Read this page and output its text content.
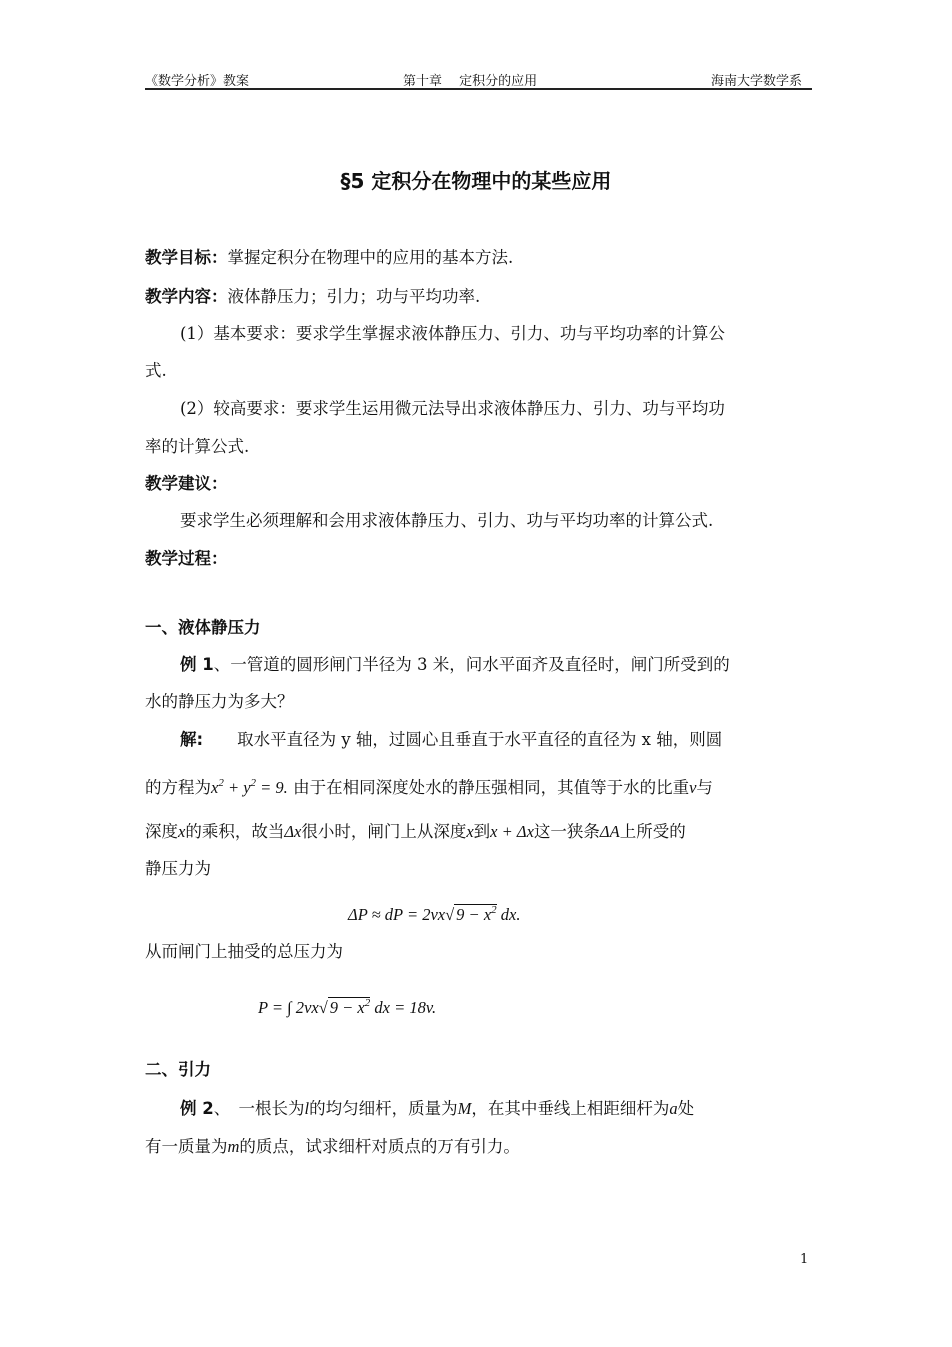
《数学分析》教案	第十章　 定积分的应用	海南大学数学系
§5 定积分在物理中的某些应用
教学目标：掌握定积分在物理中的应用的基本方法.
教学内容：液体静压力；引力；功与平均功率.
(1）基本要求：要求学生掌握求液体静压力、引力、功与平均功率的计算公
式.
(2）较高要求：要求学生运用微元法导出求液体静压力、引力、功与平均功
率的计算公式.
教学建议：
要求学生必须理解和会用求液体静压力、引力、功与平均功率的计算公式.
教学过程：
一、液体静压力
例 1、一管道的圆形闸门半径为 3 米，问水平面齐及直径时，闸门所受到的
水的静压力为多大？
解: 取水平直径为 y 轴，过圆心且垂直于水平直径的直径为 x 轴，则圆
的方程为$x^2 + y^2 = 9$. 由于在相同深度处水的静压强相同，其值等于水的比重v与
深度x的乘积，故当Δx很小时，闸门上从深度x到x + Δx这一狭条ΔA上所受的
静压力为
ΔP ≈ dP = 2vx√ $9 - x^2$ dx.
从而闸门上抽受的总压力为
P = ∫ 2vx√ $9 - x^2$ dx = 18v.
二、引力
例 2、　一根长为l的均匀细杆，质量为M，在其中垂线上相距细杆为a处
有一质量为m的质点，试求细杆对质点的万有引力。
1
